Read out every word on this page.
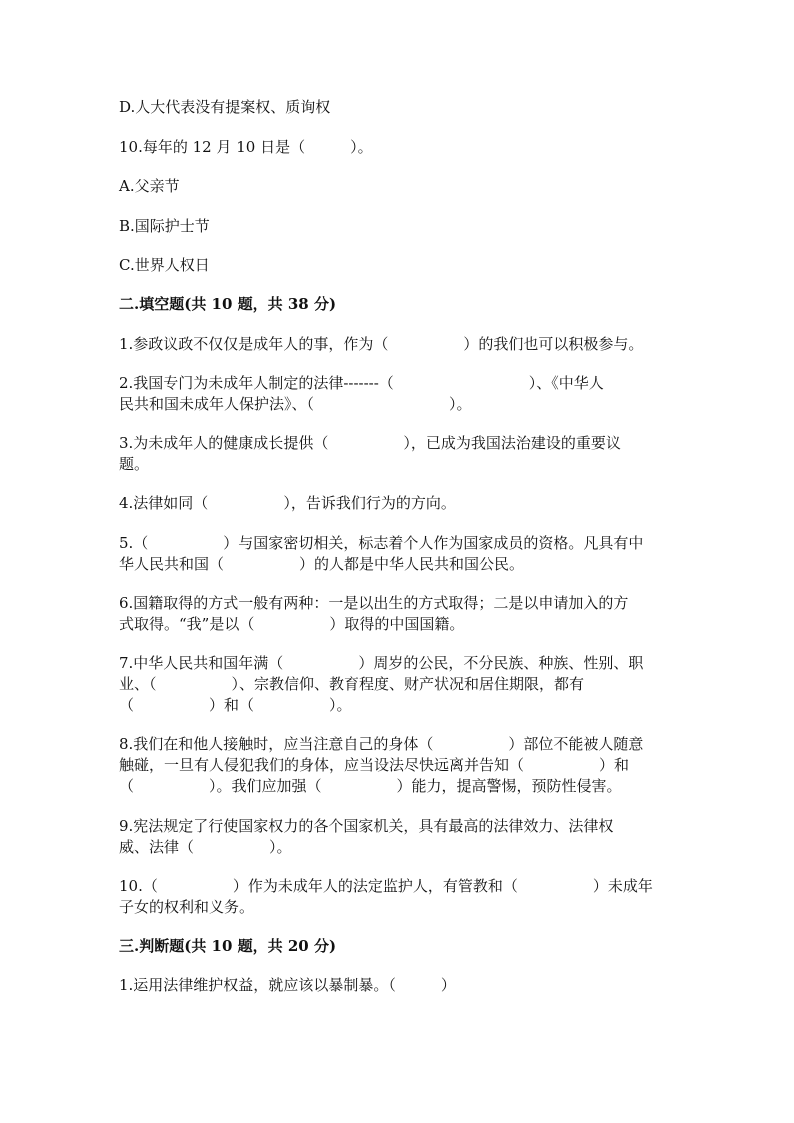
D.人大代表没有提案权、质询权
10.每年的 12 月 10 日是（　　　）。
A.父亲节
B.国际护士节
C.世界人权日
二.填空题(共 10 题，共 38 分)
1.参政议政不仅仅是成年人的事，作为（　　　　　）的我们也可以积极参与。
2.我国专门为未成年人制定的法律-------（　　　　　　　　　）、《中华人
民共和国未成年人保护法》、（　　　　　　　　　）。
3.为未成年人的健康成长提供（　　　　　），已成为我国法治建设的重要议
题。
4.法律如同（　　　　　），告诉我们行为的方向。
5.（　　　　　）与国家密切相关，标志着个人作为国家成员的资格。凡具有中
华人民共和国（　　　　　）的人都是中华人民共和国公民。
6.国籍取得的方式一般有两种：一是以出生的方式取得；二是以申请加入的方
式取得。“我”是以（　　　　　）取得的中国国籍。
7.中华人民共和国年满（　　　　　）周岁的公民，不分民族、种族、性别、职
业、（　　　　　）、宗教信仰、教育程度、财产状况和居住期限，都有
（　　　　　）和（　　　　　）。
8.我们在和他人接触时，应当注意自己的身体（　　　　　）部位不能被人随意
触碰，一旦有人侵犯我们的身体，应当设法尽快远离并告知（　　　　　）和
（　　　　　）。我们应加强（　　　　　）能力，提高警惕，预防性侵害。
9.宪法规定了行使国家权力的各个国家机关，具有最高的法律效力、法律权
威、法律（　　　　　）。
10.（　　　　　）作为未成年人的法定监护人，有管教和（　　　　　）未成年
子女的权利和义务。
三.判断题(共 10 题，共 20 分)
1.运用法律维护权益，就应该以暴制暴。（　　　）
